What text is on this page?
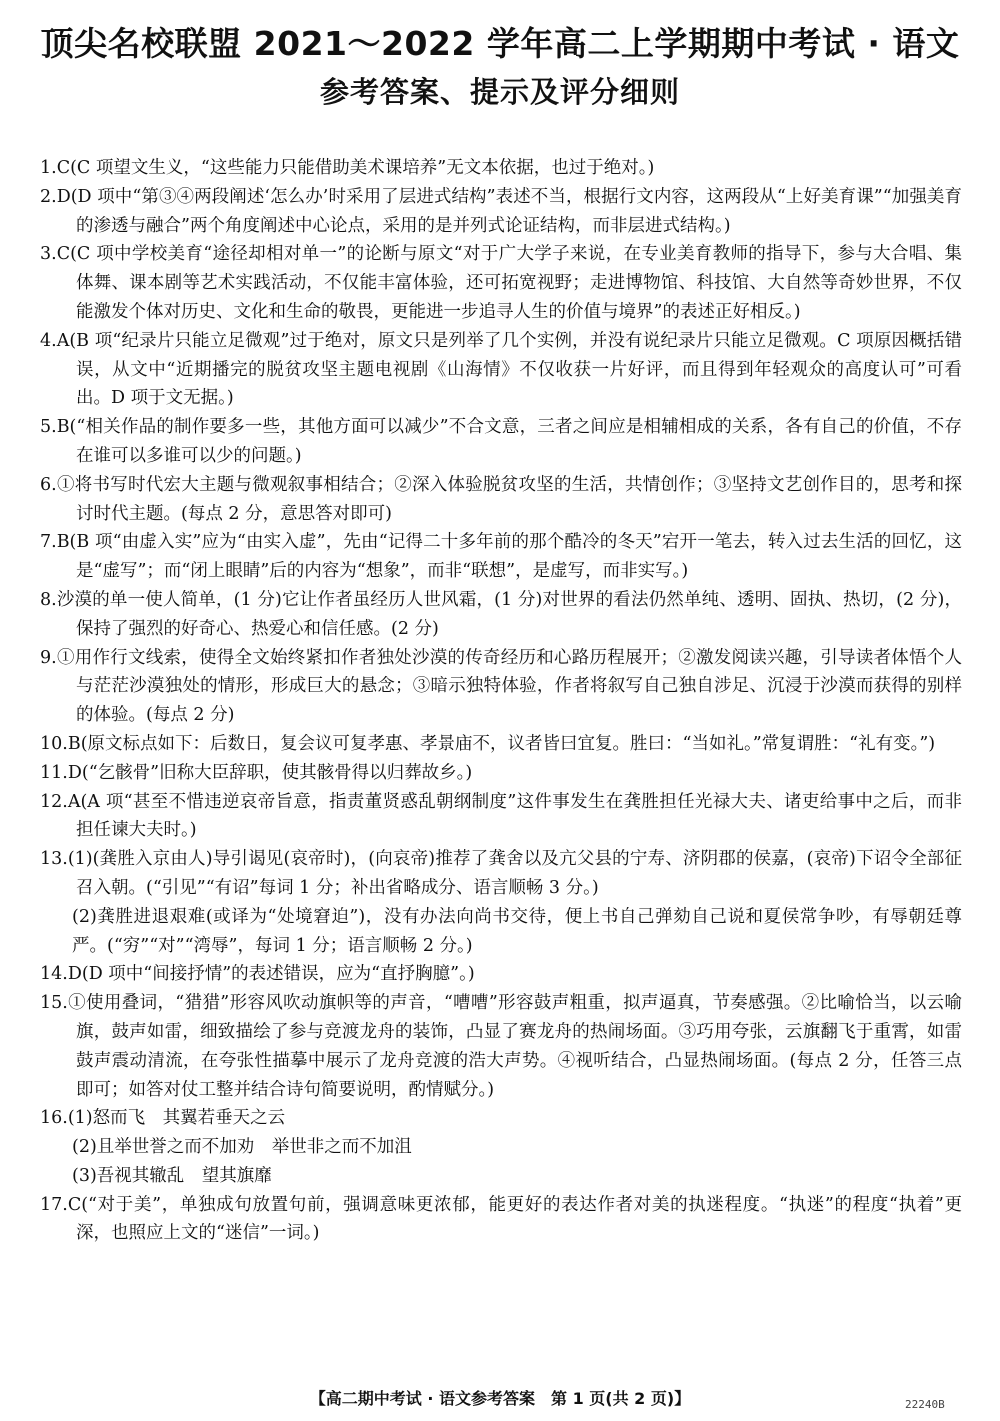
顶尖名校联盟 2021～2022 学年高二上学期期中考试 · 语文
参考答案、提示及评分细则

1.C(C 项望文生义，“这些能力只能借助美术课培养”无文本依据，也过于绝对。)

2.D(D 项中“第③④两段阐述‘怎么办’时采用了层进式结构”表述不当，根据行文内容，这两段从“上好美育课”“加强美育的渗透与融合”两个角度阐述中心论点，采用的是并列式论证结构，而非层进式结构。)

3.C(C 项中学校美育“途径却相对单一”的论断与原文“对于广大学子来说，在专业美育教师的指导下，参与大合唱、集体舞、课本剧等艺术实践活动，不仅能丰富体验，还可拓宽视野；走进博物馆、科技馆、大自然等奇妙世界，不仅能激发个体对历史、文化和生命的敬畏，更能进一步追寻人生的价值与境界”的表述正好相反。)

4.A(B 项“纪录片只能立足微观”过于绝对，原文只是列举了几个实例，并没有说纪录片只能立足微观。C 项原因概括错误，从文中“近期播完的脱贫攻坚主题电视剧《山海情》不仅收获一片好评，而且得到年轻观众的高度认可”可看出。D 项于文无据。)

5.B(“相关作品的制作要多一些，其他方面可以减少”不合文意，三者之间应是相辅相成的关系，各有自己的价值，不存在谁可以多谁可以少的问题。)

6.①将书写时代宏大主题与微观叙事相结合；②深入体验脱贫攻坚的生活，共情创作；③坚持文艺创作目的，思考和探讨时代主题。(每点 2 分，意思答对即可)

7.B(B 项“由虚入实”应为“由实入虚”，先由“记得二十多年前的那个酷冷的冬天”宕开一笔去，转入过去生活的回忆，这是“虚写”；而“闭上眼睛”后的内容为“想象”，而非“联想”，是虚写，而非实写。)

8.沙漠的单一使人简单，(1 分)它让作者虽经历人世风霜，(1 分)对世界的看法仍然单纯、透明、固执、热切，(2 分)，保持了强烈的好奇心、热爱心和信任感。(2 分)

9.①用作行文线索，使得全文始终紧扣作者独处沙漠的传奇经历和心路历程展开；②激发阅读兴趣，引导读者体悟个人与茫茫沙漠独处的情形，形成巨大的悬念；③暗示独特体验，作者将叙写自己独自涉足、沉浸于沙漠而获得的别样的体验。(每点 2 分)

10.B(原文标点如下：后数日，复会议可复孝惠、孝景庙不，议者皆曰宜复。胜曰：“当如礼。”常复谓胜：“礼有变。”)

11.D(“乞骸骨”旧称大臣辞职，使其骸骨得以归葬故乡。)

12.A(A 项“甚至不惜违逆哀帝旨意，指责董贤惑乱朝纲制度”这件事发生在龚胜担任光禄大夫、诸吏给事中之后，而非担任谏大夫时。)

13.(1)(龚胜入京由人)导引谒见(哀帝时)，(向哀帝)推荐了龚舍以及亢父县的宁寿、济阴郡的侯嘉，(哀帝)下诏令全部征召入朝。(“引见”“有诏”每词 1 分；补出省略成分、语言顺畅 3 分。)

(2)龚胜进退艰难(或译为“处境窘迫”)，没有办法向尚书交待，便上书自己弹劾自己说和夏侯常争吵，有辱朝廷尊严。(“穷”“对”“湾辱”，每词 1 分；语言顺畅 2 分。)

14.D(D 项中“间接抒情”的表述错误，应为“直抒胸臆”。)

15.①使用叠词，“猎猎”形容风吹动旗帜等的声音，“嘈嘈”形容鼓声粗重，拟声逼真，节奏感强。②比喻恰当，以云喻旗，鼓声如雷，细致描绘了参与竞渡龙舟的装饰，凸显了赛龙舟的热闹场面。③巧用夸张，云旗翻飞于重霄，如雷鼓声震动清流，在夸张性描摹中展示了龙舟竞渡的浩大声势。④视听结合，凸显热闹场面。(每点 2 分，任答三点即可；如答对仗工整并结合诗句简要说明，酌情赋分。)

16.(1)怒而飞　其翼若垂天之云

(2)且举世誉之而不加劝　举世非之而不加沮

(3)吾视其辙乱　望其旗靡

17.C(“对于美”，单独成句放置句前，强调意味更浓郁，能更好的表达作者对美的执迷程度。“执迷”的程度“执着”更深，也照应上文的“迷信”一词。)

【高二期中考试 · 语文参考答案　第 1 页(共 2 页)】	22240B
